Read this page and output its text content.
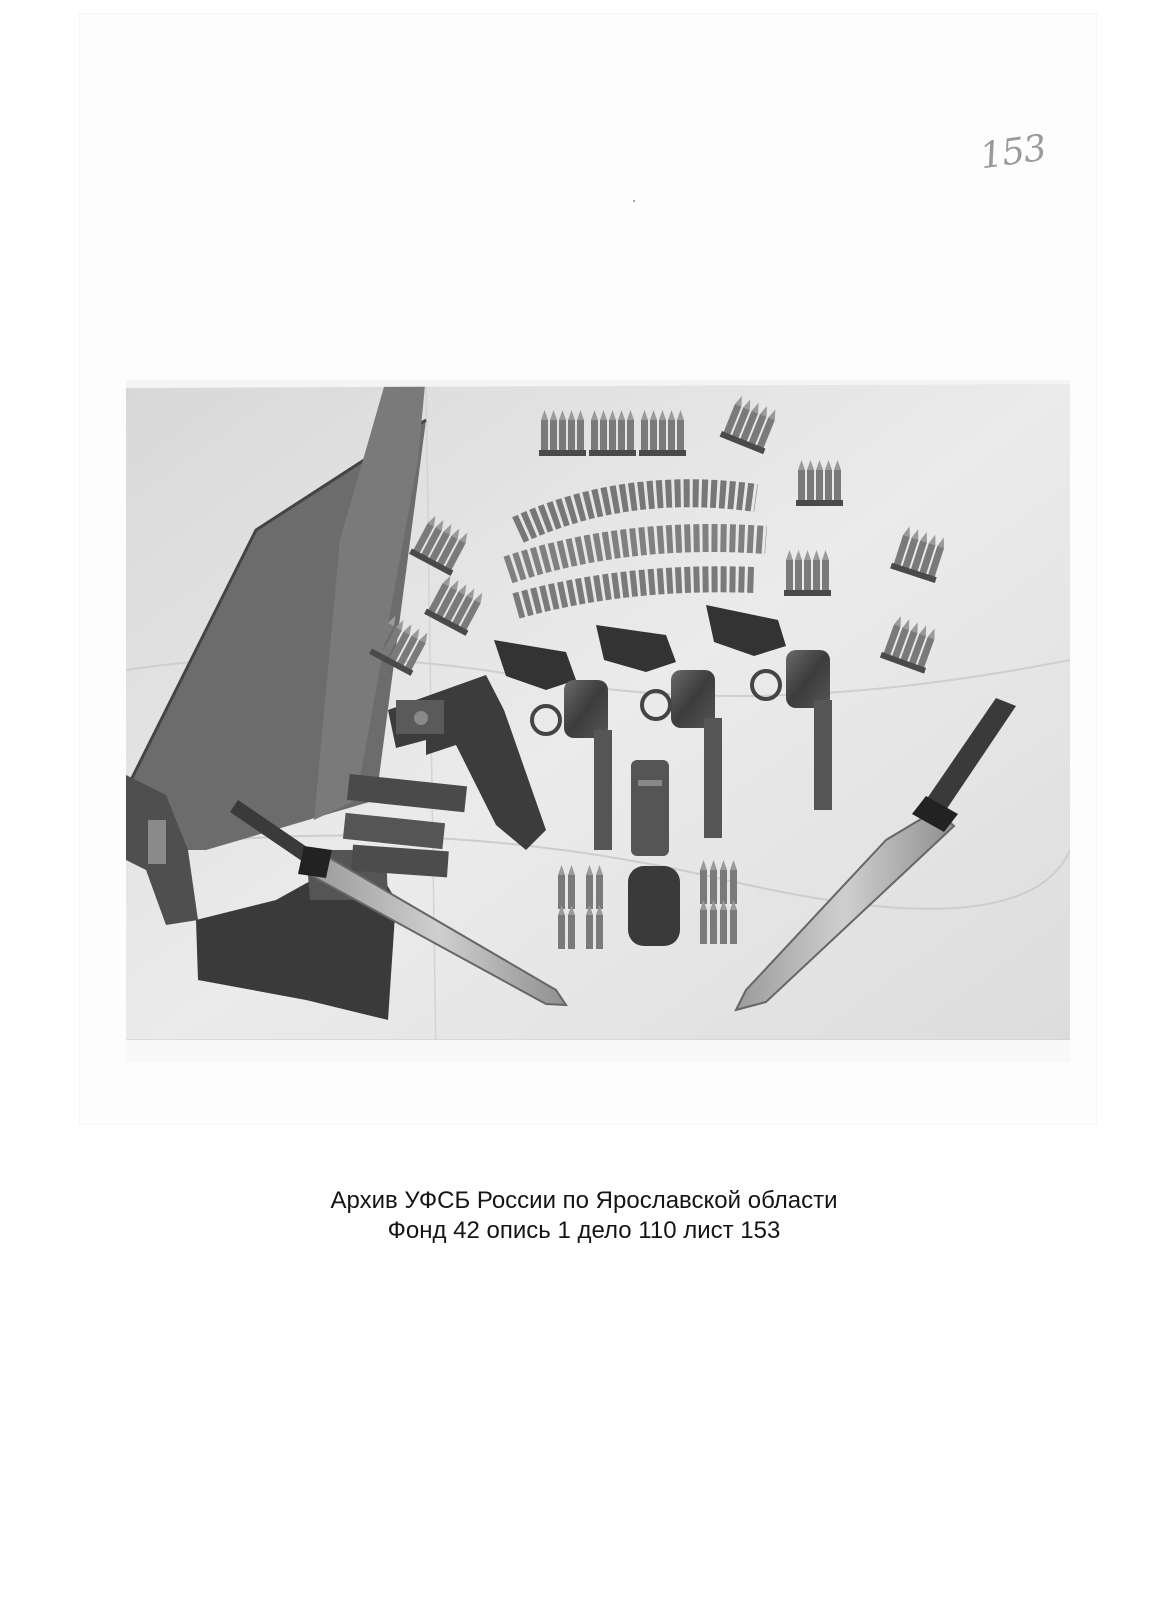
153
Архив УФСБ России по Ярославской области
Фонд 42 опись 1 дело 110 лист 153
